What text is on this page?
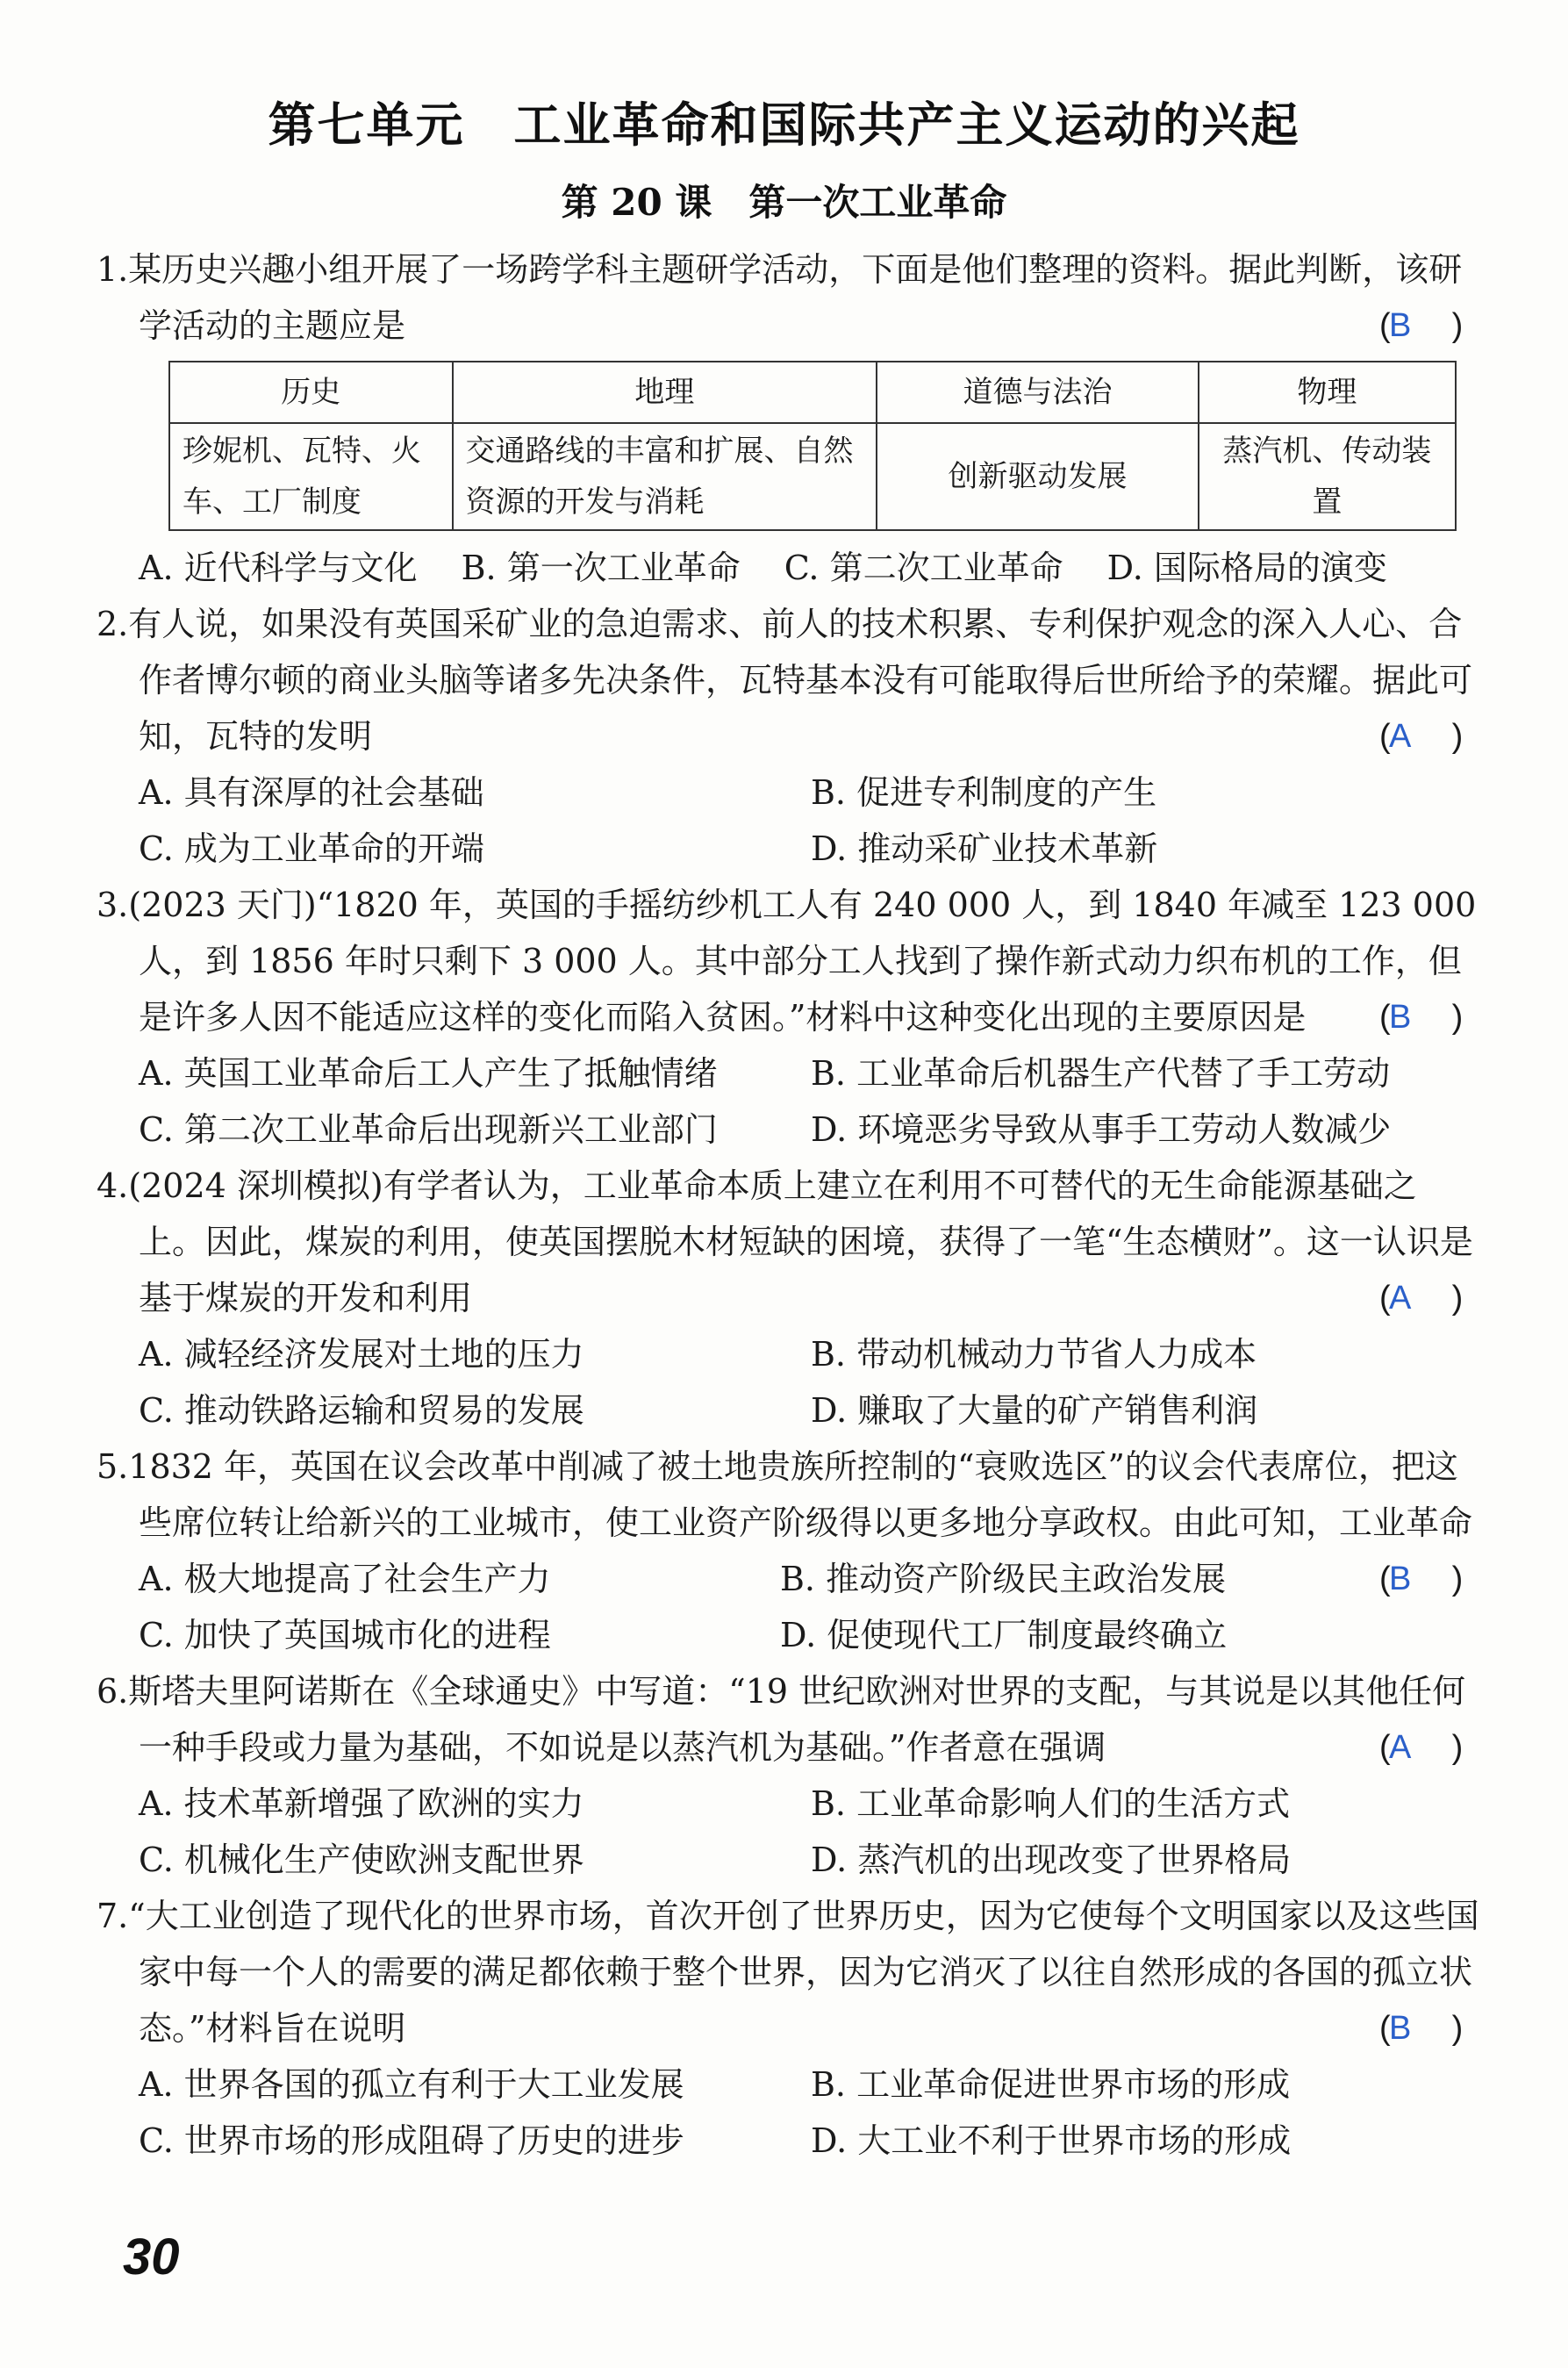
第七单元　工业革命和国际共产主义运动的兴起
第 20 课　第一次工业革命
1.某历史兴趣小组开展了一场跨学科主题研学活动，下面是他们整理的资料。据此判断，该研学活动的主题应是	(B )
历史	地理	道德与法治	物理
珍妮机、瓦特、火车、工厂制度	交通路线的丰富和扩展、自然资源的开发与消耗	创新驱动发展	蒸汽机、传动装置
A. 近代科学与文化 B. 第一次工业革命 C. 第二次工业革命 D. 国际格局的演变
2.有人说，如果没有英国采矿业的急迫需求、前人的技术积累、专利保护观念的深入人心、合作者博尔顿的商业头脑等诸多先决条件，瓦特基本没有可能取得后世所给予的荣耀。据此可知，瓦特的发明	(A )
A. 具有深厚的社会基础	B. 促进专利制度的产生
C. 成为工业革命的开端	D. 推动采矿业技术革新
3.(2023 天门)“1820 年，英国的手摇纺纱机工人有 240 000 人，到 1840 年减至 123 000 人，到 1856 年时只剩下 3 000 人。其中部分工人找到了操作新式动力织布机的工作，但是许多人因不能适应这样的变化而陷入贫困。”材料中这种变化出现的主要原因是 (B )
A. 英国工业革命后工人产生了抵触情绪	B. 工业革命后机器生产代替了手工劳动
C. 第二次工业革命后出现新兴工业部门	D. 环境恶劣导致从事手工劳动人数减少
4.(2024 深圳模拟)有学者认为，工业革命本质上建立在利用不可替代的无生命能源基础之上。因此，煤炭的利用，使英国摆脱木材短缺的困境，获得了一笔“生态横财”。这一认识是基于煤炭的开发和利用	(A )
A. 减轻经济发展对土地的压力	B. 带动机械动力节省人力成本
C. 推动铁路运输和贸易的发展	D. 赚取了大量的矿产销售利润
5.1832 年，英国在议会改革中削减了被土地贵族所控制的“衰败选区”的议会代表席位，把这些席位转让给新兴的工业城市，使工业资产阶级得以更多地分享政权。由此可知，工业革命
(B )
A. 极大地提高了社会生产力	B. 推动资产阶级民主政治发展
C. 加快了英国城市化的进程	D. 促使现代工厂制度最终确立
6.斯塔夫里阿诺斯在《全球通史》中写道：“19 世纪欧洲对世界的支配，与其说是以其他任何一种手段或力量为基础，不如说是以蒸汽机为基础。”作者意在强调	(A )
A. 技术革新增强了欧洲的实力	B. 工业革命影响人们的生活方式
C. 机械化生产使欧洲支配世界	D. 蒸汽机的出现改变了世界格局
7.“大工业创造了现代化的世界市场，首次开创了世界历史，因为它使每个文明国家以及这些国家中每一个人的需要的满足都依赖于整个世界，因为它消灭了以往自然形成的各国的孤立状态。”材料旨在说明	(B )
A. 世界各国的孤立有利于大工业发展	B. 工业革命促进世界市场的形成
C. 世界市场的形成阻碍了历史的进步	D. 大工业不利于世界市场的形成
30
